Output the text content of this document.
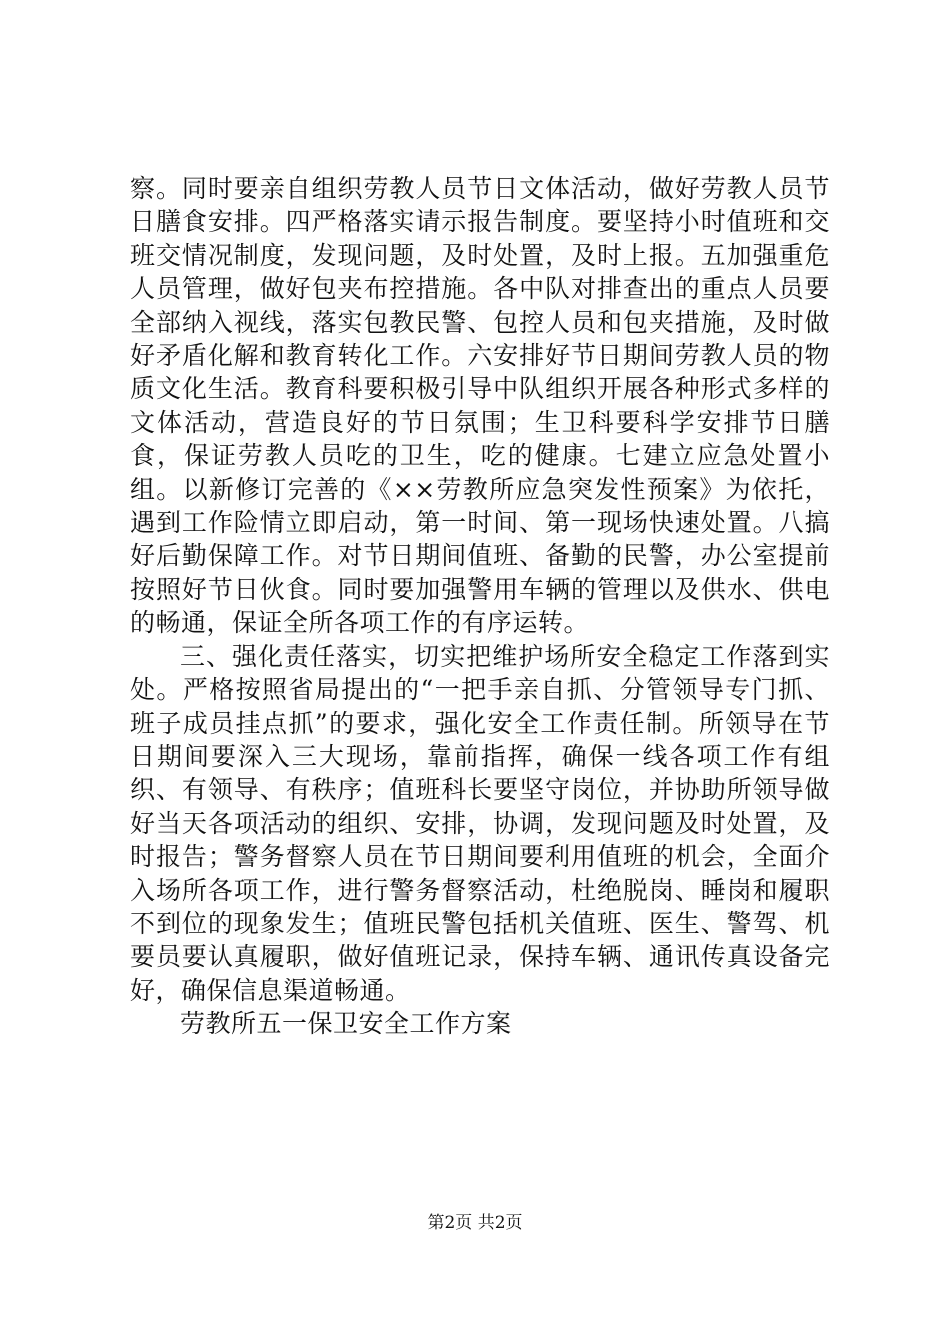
察。同时要亲自组织劳教人员节日文体活动，做好劳教人员节日膳食安排。四严格落实请示报告制度。要坚持小时值班和交班交情况制度，发现问题，及时处置，及时上报。五加强重危人员管理，做好包夹布控措施。各中队对排查出的重点人员要全部纳入视线，落实包教民警、包控人员和包夹措施，及时做好矛盾化解和教育转化工作。六安排好节日期间劳教人员的物质文化生活。教育科要积极引导中队组织开展各种形式多样的文体活动，营造良好的节日氛围；生卫科要科学安排节日膳食，保证劳教人员吃的卫生，吃的健康。七建立应急处置小组。以新修订完善的《××劳教所应急突发性预案》为依托，遇到工作险情立即启动，第一时间、第一现场快速处置。八搞好后勤保障工作。对节日期间值班、备勤的民警，办公室提前按照好节日伙食。同时要加强警用车辆的管理以及供水、供电的畅通，保证全所各项工作的有序运转。

三、强化责任落实，切实把维护场所安全稳定工作落到实处。严格按照省局提出的“一把手亲自抓、分管领导专门抓、班子成员挂点抓”的要求，强化安全工作责任制。所领导在节日期间要深入三大现场，靠前指挥，确保一线各项工作有组织、有领导、有秩序；值班科长要坚守岗位，并协助所领导做好当天各项活动的组织、安排，协调，发现问题及时处置，及时报告；警务督察人员在节日期间要利用值班的机会，全面介入场所各项工作，进行警务督察活动，杜绝脱岗、睡岗和履职不到位的现象发生；值班民警包括机关值班、医生、警驾、机要员要认真履职，做好值班记录，保持车辆、通讯传真设备完好，确保信息渠道畅通。

劳教所五一保卫安全工作方案

第2页 共2页
